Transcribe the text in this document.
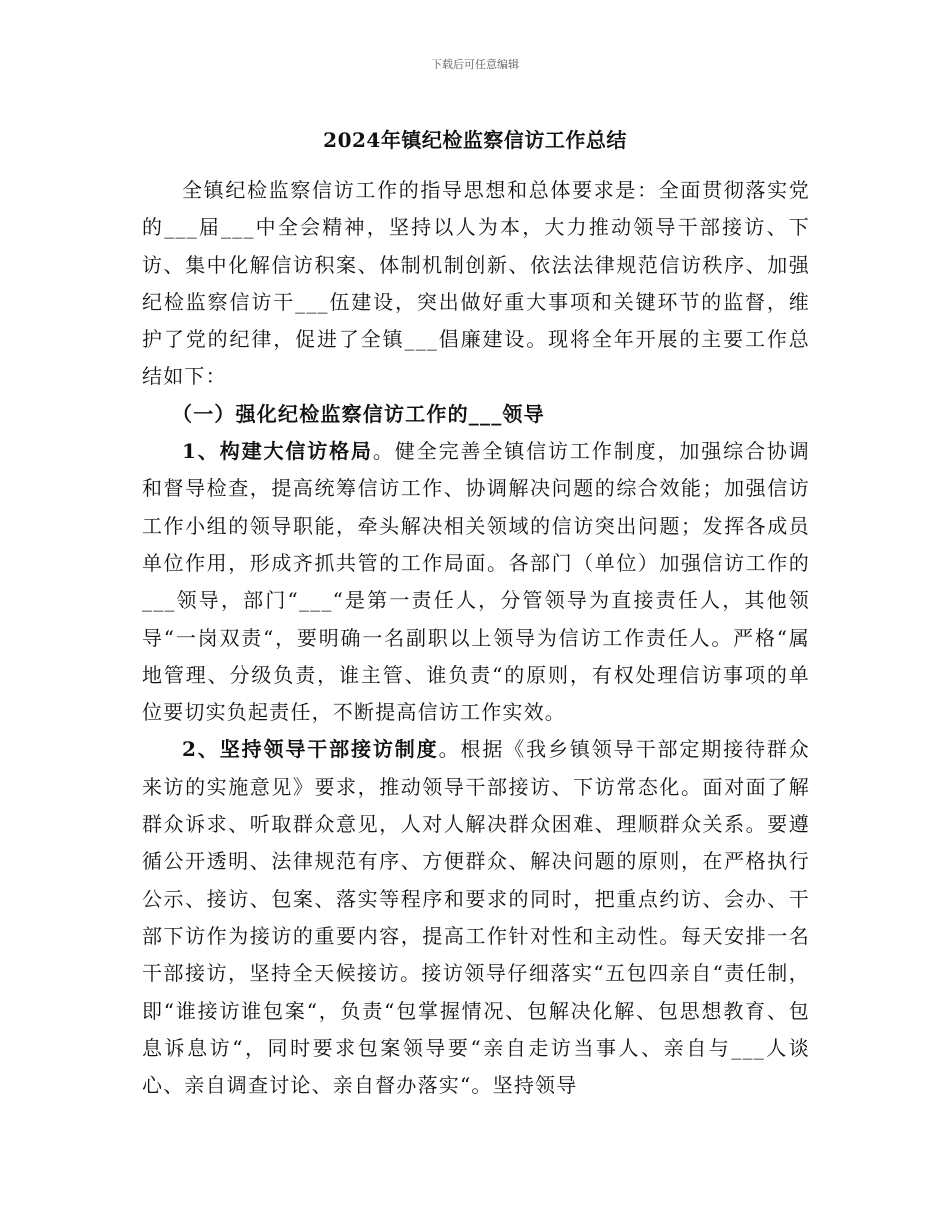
下载后可任意编辑
2024年镇纪检监察信访工作总结

全镇纪检监察信访工作的指导思想和总体要求是：全面贯彻落实党的___届___中全会精神，坚持以人为本，大力推动领导干部接访、下访、集中化解信访积案、体制机制创新、依法法律规范信访秩序、加强纪检监察信访干___伍建设，突出做好重大事项和关键环节的监督，维护了党的纪律，促进了全镇___倡廉建设。现将全年开展的主要工作总结如下：

（一）强化纪检监察信访工作的___领导

1、构建大信访格局。健全完善全镇信访工作制度，加强综合协调和督导检查，提高统筹信访工作、协调解决问题的综合效能；加强信访工作小组的领导职能，牵头解决相关领域的信访突出问题；发挥各成员单位作用，形成齐抓共管的工作局面。各部门（单位）加强信访工作的___领导，部门“___“是第一责任人，分管领导为直接责任人，其他领导“一岗双责“，要明确一名副职以上领导为信访工作责任人。严格“属地管理、分级负责，谁主管、谁负责“的原则，有权处理信访事项的单位要切实负起责任，不断提高信访工作实效。

2、坚持领导干部接访制度。根据《我乡镇领导干部定期接待群众来访的实施意见》要求，推动领导干部接访、下访常态化。面对面了解群众诉求、听取群众意见，人对人解决群众困难、理顺群众关系。要遵循公开透明、法律规范有序、方便群众、解决问题的原则，在严格执行公示、接访、包案、落实等程序和要求的同时，把重点约访、会办、干部下访作为接访的重要内容，提高工作针对性和主动性。每天安排一名干部接访，坚持全天候接访。接访领导仔细落实“五包四亲自“责任制，即“谁接访谁包案“，负责“包掌握情况、包解决化解、包思想教育、包息诉息访“，同时要求包案领导要“亲自走访当事人、亲自与___人谈心、亲自调查讨论、亲自督办落实“。坚持领导
